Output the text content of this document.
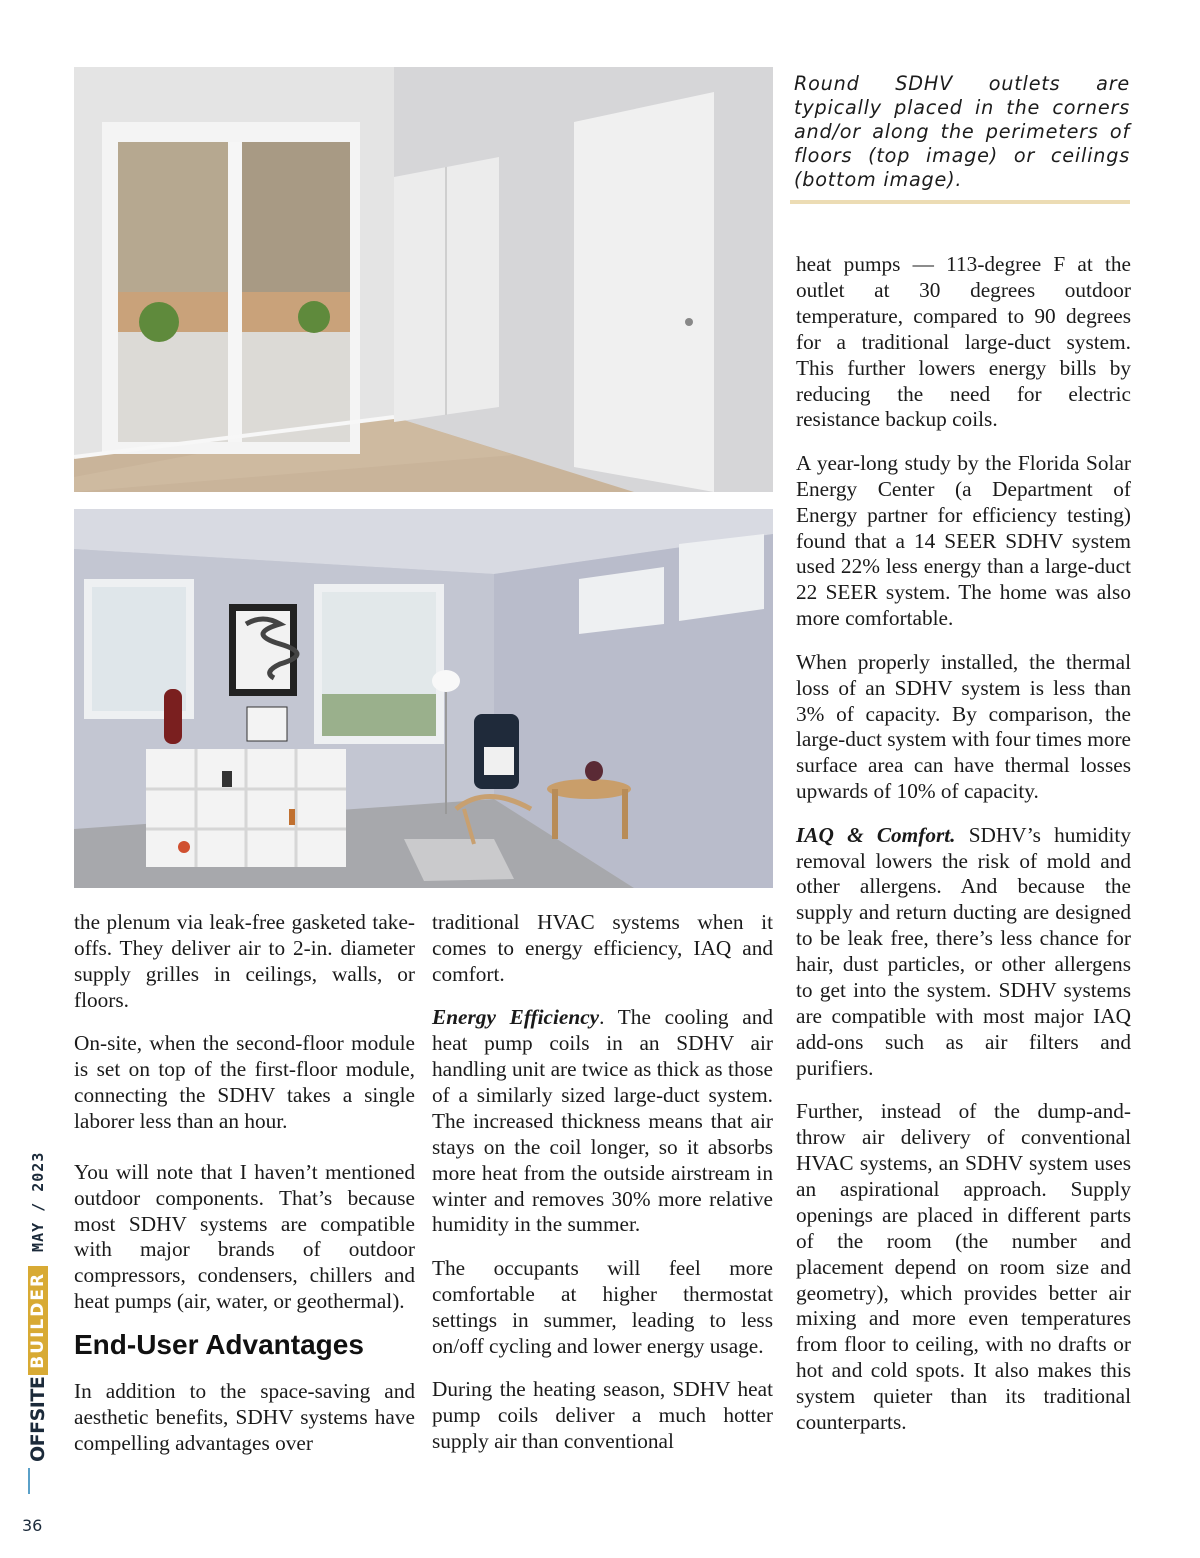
Round SDHV outlets are typically placed in the corners and/or along the perimeters of floors (top image) or ceilings (bottom image).

the plenum via leak-free gasketed take-offs. They deliver air to 2-in. diameter supply grilles in ceilings, walls, or floors.

On-site, when the second-floor module is set on top of the first-floor module, connecting the SDHV takes a single laborer less than an hour.

You will note that I haven’t mentioned outdoor components. That’s because most SDHV systems are compatible with major brands of outdoor compressors, condensers, chillers and heat pumps (air, water, or geothermal).

End-User Advantages

In addition to the space-saving and aesthetic benefits, SDHV systems have compelling advantages over

traditional HVAC systems when it comes to energy efficiency, IAQ and comfort.

Energy Efficiency. The cooling and heat pump coils in an SDHV air handling unit are twice as thick as those of a similarly sized large-duct system. The increased thickness means that air stays on the coil longer, so it absorbs more heat from the outside airstream in winter and removes 30% more relative humidity in the summer.

The occupants will feel more comfortable at higher thermostat settings in summer, leading to less on/off cycling and lower energy usage.

During the heating season, SDHV heat pump coils deliver a much hotter supply air than conventional

heat pumps — 113-degree F at the outlet at 30 degrees outdoor temperature, compared to 90 degrees for a traditional large-duct system. This further lowers energy bills by reducing the need for electric resistance backup coils.

A year-long study by the Florida Solar Energy Center (a Department of Energy partner for efficiency testing) found that a 14 SEER SDHV system used 22% less energy than a large-duct 22 SEER system. The home was also more comfortable.

When properly installed, the thermal loss of an SDHV system is less than 3% of capacity. By comparison, the large-duct system with four times more surface area can have thermal losses upwards of 10% of capacity.

IAQ & Comfort. SDHV’s humidity removal lowers the risk of mold and other allergens. And because the supply and return ducting are designed to be leak free, there’s less chance for hair, dust particles, or other allergens to get into the system. SDHV systems are compatible with most major IAQ add-ons such as air filters and purifiers.

Further, instead of the dump-and-throw air delivery of conventional HVAC systems, an SDHV system uses an aspirational approach. Supply openings are placed in different parts of the room (the number and placement depend on room size and geometry), which provides better air mixing and more even temperatures from floor to ceiling, with no drafts or hot and cold spots. It also makes this system quieter than its traditional counterparts.

OFFSITE
BUILDER
MAY / 2023
36
